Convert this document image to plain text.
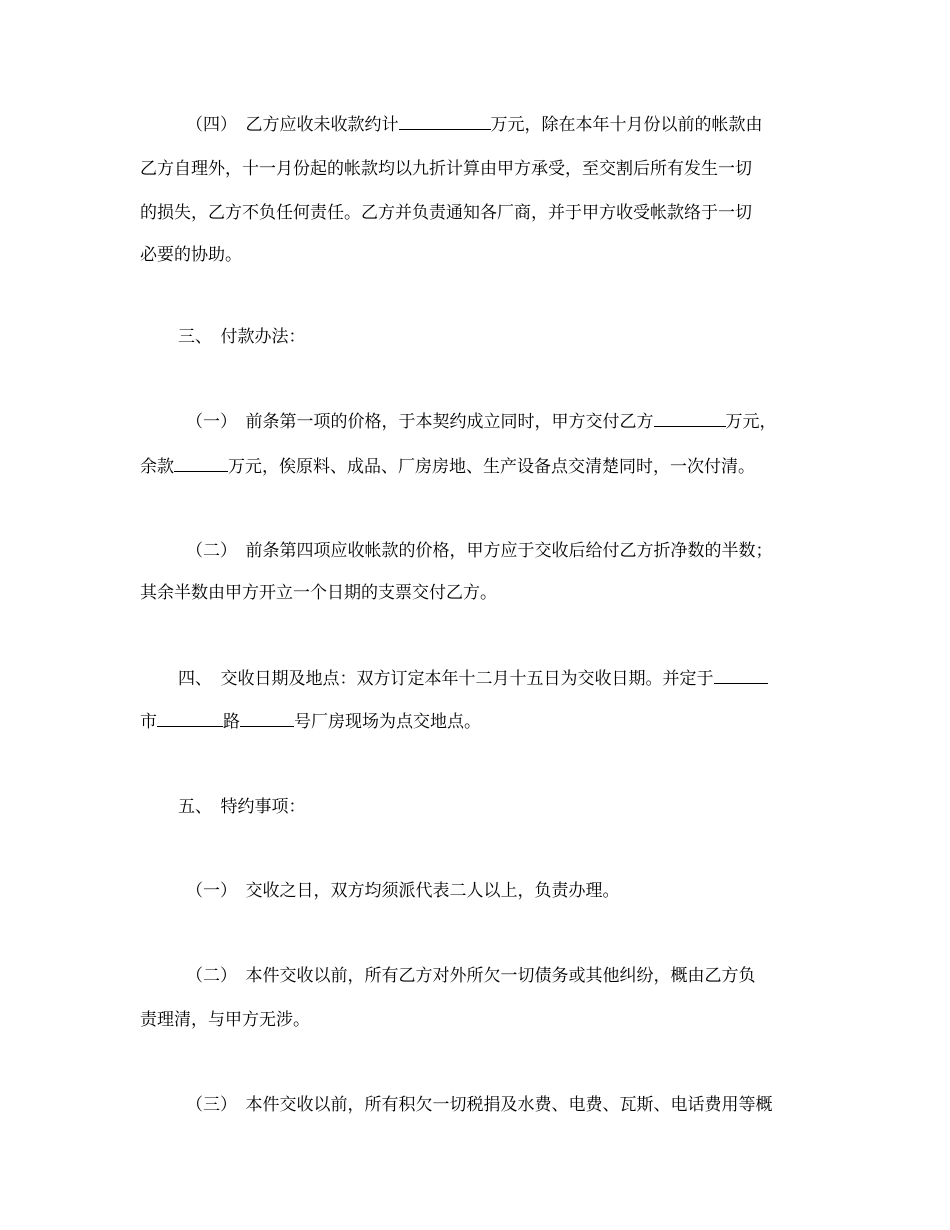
（四）　乙方应收未收款约计	万元，除在本年十月份以前的帐款由
乙方自理外，十一月份起的帐款均以九折计算由甲方承受，至交割后所有发生一切
的损失，乙方不负任何责任。乙方并负责通知各厂商，并于甲方收受帐款络于一切
必要的协助。
三、　付款办法：
（一）　前条第一项的价格，于本契约成立同时，甲方交付乙方	万元，
余款	万元，俟原料、成品、厂房房地、生产设备点交清楚同时，一次付清。
（二）　前条第四项应收帐款的价格，甲方应于交收后给付乙方折净数的半数；
其余半数由甲方开立一个日期的支票交付乙方。
四、　交收日期及地点：双方订定本年十二月十五日为交收日期。并定于
市	路	号厂房现场为点交地点。
五、　特约事项：
（一）　交收之日，双方均须派代表二人以上，负责办理。
（二）　本件交收以前，所有乙方对外所欠一切债务或其他纠纷，概由乙方负
责理清，与甲方无涉。
（三）　本件交收以前，所有积欠一切税捐及水费、电费、瓦斯、电话费用等概
